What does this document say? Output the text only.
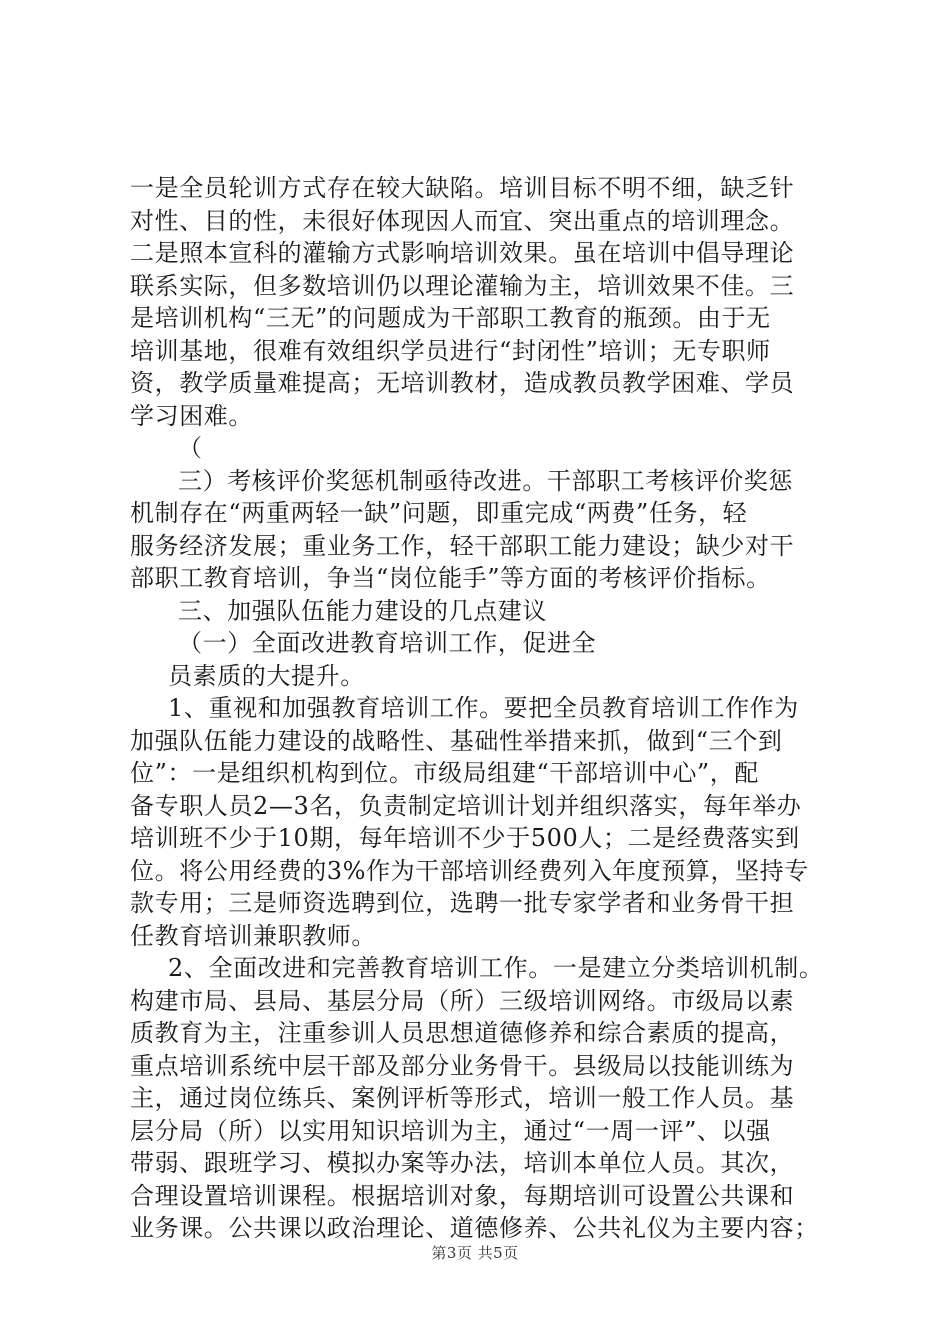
一是全员轮训方式存在较大缺陷。培训目标不明不细，缺乏针
对性、目的性，未很好体现因人而宜、突出重点的培训理念。
二是照本宣科的灌输方式影响培训效果。虽在培训中倡导理论
联系实际，但多数培训仍以理论灌输为主，培训效果不佳。三
是培训机构“三无”的问题成为干部职工教育的瓶颈。由于无
培训基地，很难有效组织学员进行“封闭性”培训；无专职师
资，教学质量难提高；无培训教材，造成教员教学困难、学员
学习困难。
（
三）考核评价奖惩机制亟待改进。干部职工考核评价奖惩
机制存在“两重两轻一缺”问题，即重完成“两费”任务，轻
服务经济发展；重业务工作，轻干部职工能力建设；缺少对干
部职工教育培训，争当“岗位能手”等方面的考核评价指标。
三、加强队伍能力建设的几点建议
（一）全面改进教育培训工作，促进全
员素质的大提升。
1、重视和加强教育培训工作。要把全员教育培训工作作为
加强队伍能力建设的战略性、基础性举措来抓，做到“三个到
位”：一是组织机构到位。市级局组建“干部培训中心”，配
备专职人员2—3名，负责制定培训计划并组织落实，每年举办
培训班不少于10期，每年培训不少于500人；二是经费落实到
位。将公用经费的3%作为干部培训经费列入年度预算，坚持专
款专用；三是师资选聘到位，选聘一批专家学者和业务骨干担
任教育培训兼职教师。
2、全面改进和完善教育培训工作。一是建立分类培训机制。
构建市局、县局、基层分局（所）三级培训网络。市级局以素
质教育为主，注重参训人员思想道德修养和综合素质的提高，
重点培训系统中层干部及部分业务骨干。县级局以技能训练为
主，通过岗位练兵、案例评析等形式，培训一般工作人员。基
层分局（所）以实用知识培训为主，通过“一周一评”、以强
带弱、跟班学习、模拟办案等办法，培训本单位人员。其次，
合理设置培训课程。根据培训对象，每期培训可设置公共课和
业务课。公共课以政治理论、道德修养、公共礼仪为主要内容；
第3页 共5页
